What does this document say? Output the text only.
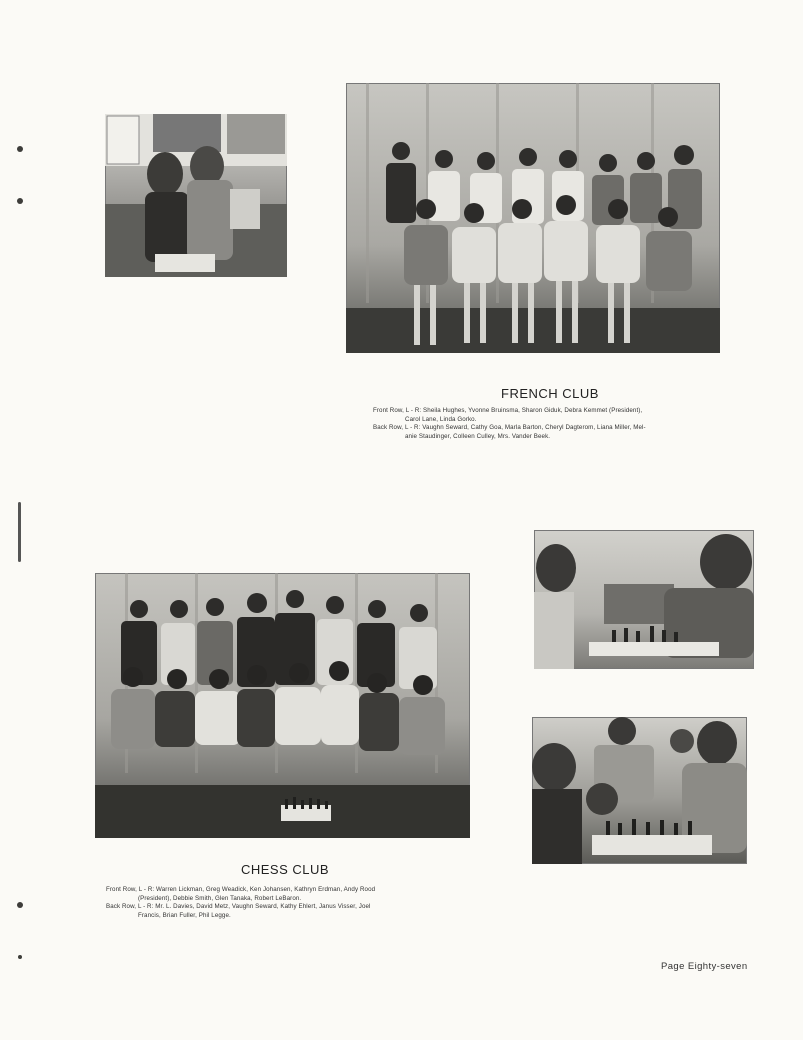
FRENCH CLUB

Front Row, L - R: Sheila Hughes, Yvonne Bruinsma, Sharon Giduk, Debra Kemmet (President),

Carol Lane, Linda Gorko.

Back Row, L - R: Vaughn Seward, Cathy Goa, Marla Barton, Cheryl Dagterom, Liana Miller, Mel-

anie Staudinger, Colleen Culley, Mrs. Vander Beek.

CHESS CLUB

Front Row, L - R: Warren Lickman, Greg Weadick, Ken Johansen, Kathryn Erdman, Andy Rood

(President), Debbie Smith, Glen Tanaka, Robert LeBaron.

Back Row, L - R: Mr. L. Davies, David Metz, Vaughn Seward, Kathy Ehlert, Janus Visser, Joel

Francis, Brian Fuller, Phil Legge.

Page Eighty-seven
